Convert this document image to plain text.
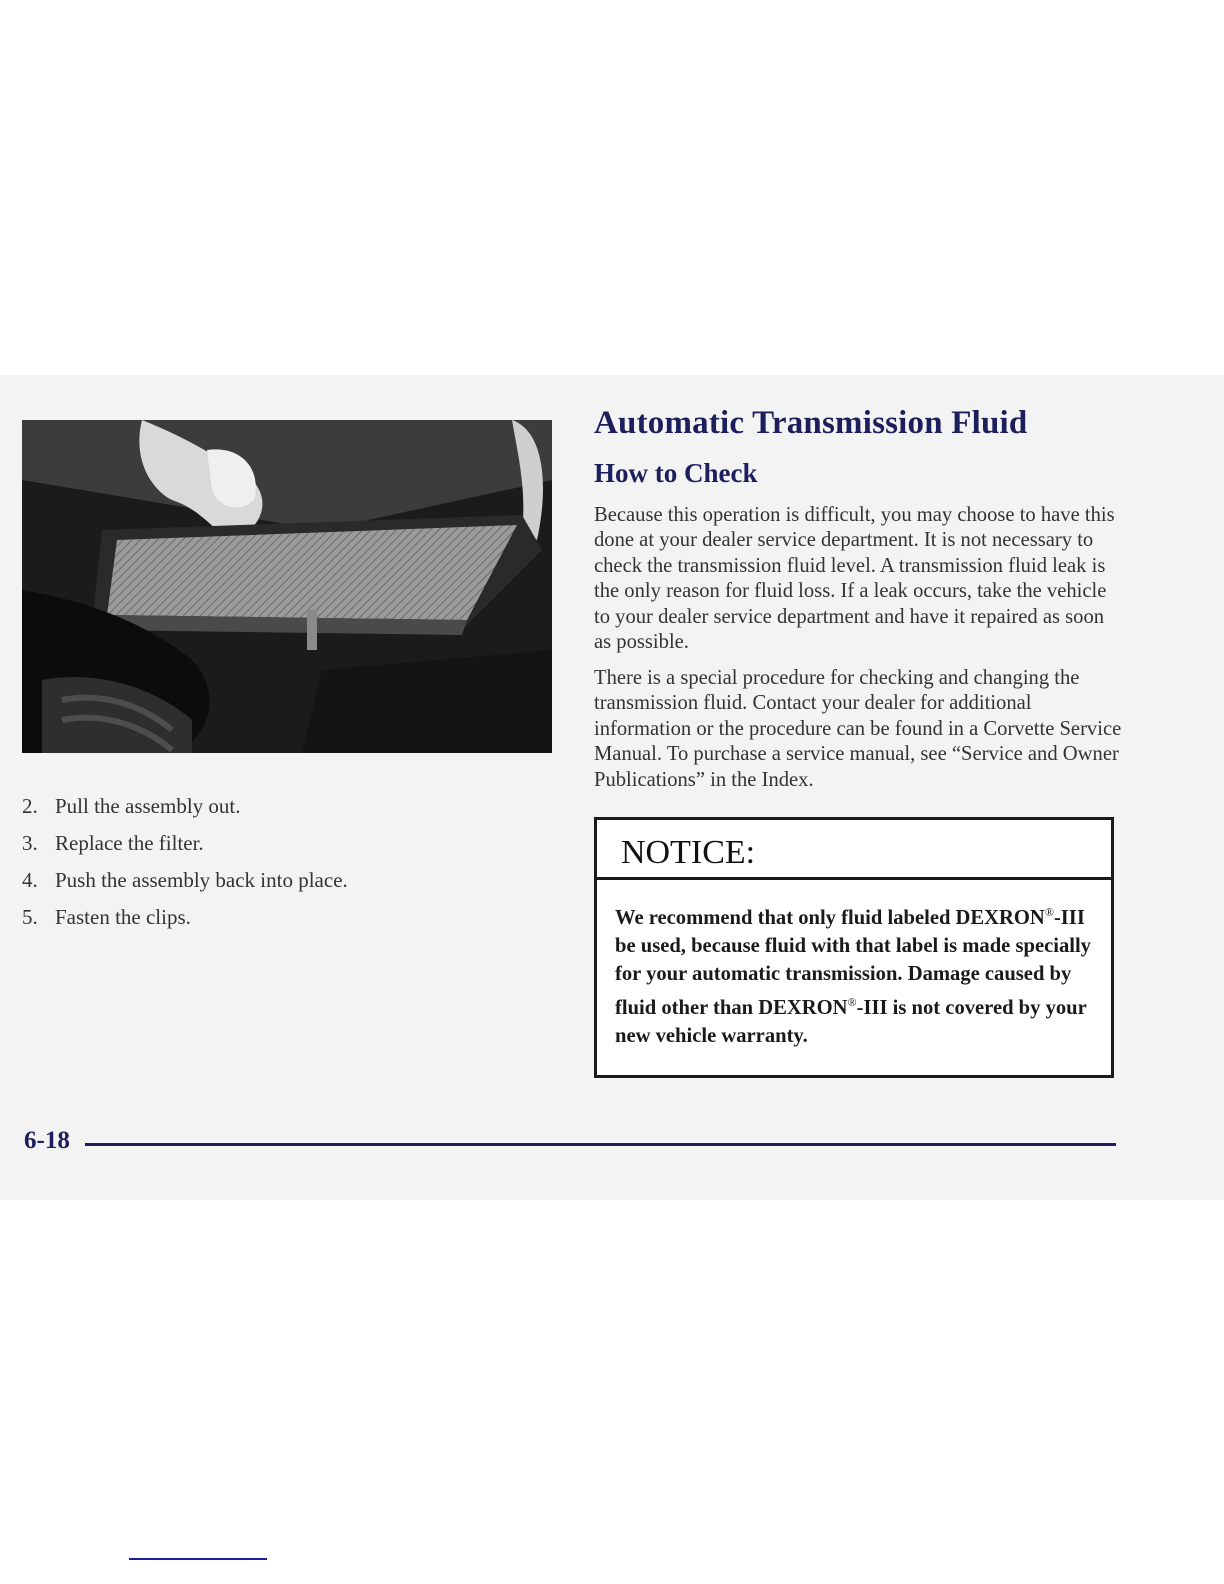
2. Pull the assembly out.
3. Replace the filter.
4. Push the assembly back into place.
5. Fasten the clips.
Automatic Transmission Fluid
How to Check

Because this operation is difficult, you may choose to have this done at your dealer service department. It is not necessary to check the transmission fluid level. A transmission fluid leak is the only reason for fluid loss. If a leak occurs, take the vehicle to your dealer service department and have it repaired as soon as possible.

There is a special procedure for checking and changing the transmission fluid. Contact your dealer for additional information or the procedure can be found in a Corvette Service Manual. To purchase a service manual, see “Service and Owner Publications” in the Index.

NOTICE:
We recommend that only fluid labeled DEXRON®-III be used, because fluid with that label is made specially for your automatic transmission. Damage caused by fluid other than DEXRON®-III is not covered by your new vehicle warranty.
6-18
